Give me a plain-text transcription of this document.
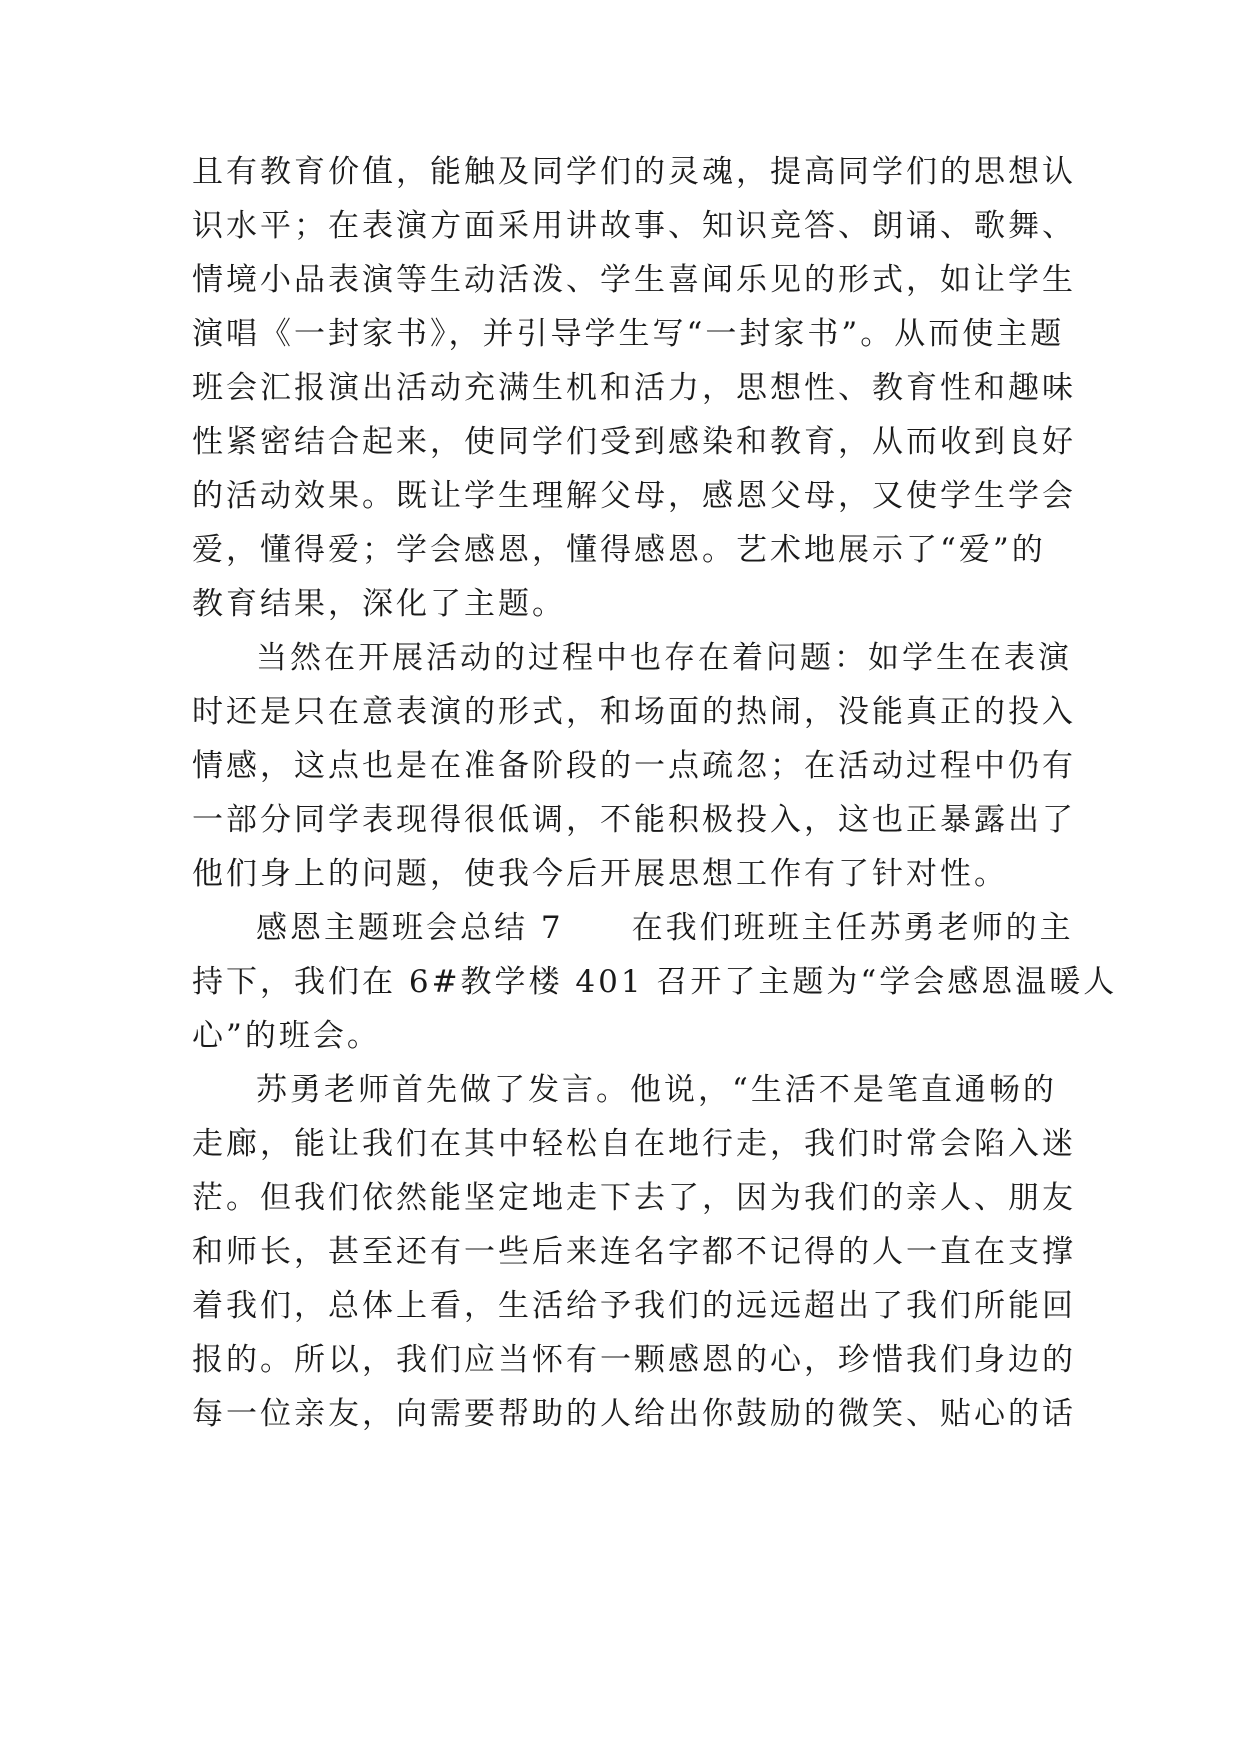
且有教育价值，能触及同学们的灵魂，提高同学们的思想认
识水平；在表演方面采用讲故事、知识竞答、朗诵、歌舞、
情境小品表演等生动活泼、学生喜闻乐见的形式，如让学生
演唱《一封家书》，并引导学生写“一封家书”。从而使主题
班会汇报演出活动充满生机和活力，思想性、教育性和趣味
性紧密结合起来，使同学们受到感染和教育，从而收到良好
的活动效果。既让学生理解父母，感恩父母，又使学生学会
爱，懂得爱；学会感恩，懂得感恩。艺术地展示了“爱”的
教育结果，深化了主题。
当然在开展活动的过程中也存在着问题：如学生在表演
时还是只在意表演的形式，和场面的热闹，没能真正的投入
情感，这点也是在准备阶段的一点疏忽；在活动过程中仍有
一部分同学表现得很低调，不能积极投入，这也正暴露出了
他们身上的问题，使我今后开展思想工作有了针对性。
感恩主题班会总结 7　　在我们班班主任苏勇老师的主
持下，我们在 6#教学楼 401 召开了主题为“学会感恩温暖人
心”的班会。
苏勇老师首先做了发言。他说，“生活不是笔直通畅的
走廊，能让我们在其中轻松自在地行走，我们时常会陷入迷
茫。但我们依然能坚定地走下去了，因为我们的亲人、朋友
和师长，甚至还有一些后来连名字都不记得的人一直在支撑
着我们，总体上看，生活给予我们的远远超出了我们所能回
报的。所以，我们应当怀有一颗感恩的心，珍惜我们身边的
每一位亲友，向需要帮助的人给出你鼓励的微笑、贴心的话
